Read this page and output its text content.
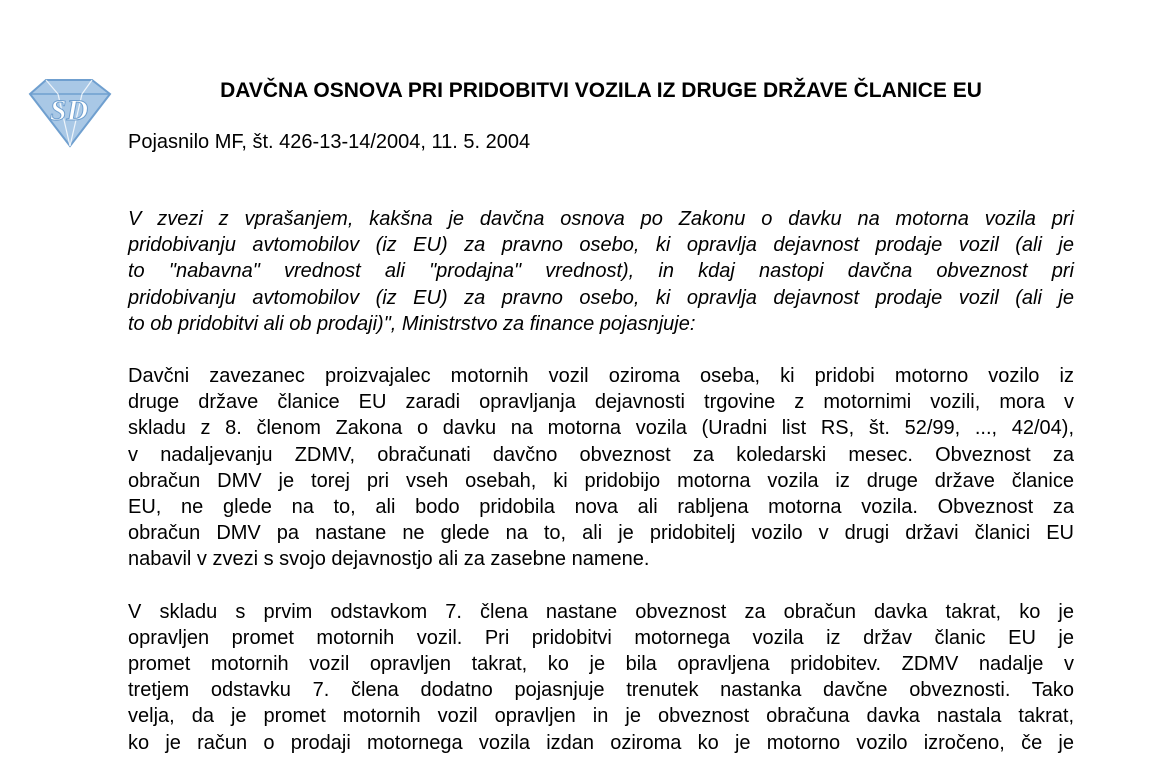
SD
DAVČNA OSNOVA PRI PRIDOBITVI VOZILA IZ DRUGE DRŽAVE ČLANICE EU

Pojasnilo MF, št. 426-13-14/2004, 11. 5. 2004

V zvezi z vprašanjem, kakšna je davčna osnova po Zakonu o davku na motorna vozila pri
pridobivanju avtomobilov (iz EU) za pravno osebo, ki opravlja dejavnost prodaje vozil (ali je
to "nabavna" vrednost ali "prodajna" vrednost), in kdaj nastopi davčna obveznost pri
pridobivanju avtomobilov (iz EU) za pravno osebo, ki opravlja dejavnost prodaje vozil (ali je
to ob pridobitvi ali ob prodaji)", Ministrstvo za finance pojasnjuje:

Davčni zavezanec proizvajalec motornih vozil oziroma oseba, ki pridobi motorno vozilo iz
druge države članice EU zaradi opravljanja dejavnosti trgovine z motornimi vozili, mora v
skladu z 8. členom Zakona o davku na motorna vozila (Uradni list RS, št. 52/99, ..., 42/04),
v nadaljevanju ZDMV, obračunati davčno obveznost za koledarski mesec. Obveznost za
obračun DMV je torej pri vseh osebah, ki pridobijo motorna vozila iz druge države članice
EU, ne glede na to, ali bodo pridobila nova ali rabljena motorna vozila. Obveznost za
obračun DMV pa nastane ne glede na to, ali je pridobitelj vozilo v drugi državi članici EU
nabavil v zvezi s svojo dejavnostjo ali za zasebne namene.

V skladu s prvim odstavkom 7. člena nastane obveznost za obračun davka takrat, ko je
opravljen promet motornih vozil. Pri pridobitvi motornega vozila iz držav članic EU je
promet motornih vozil opravljen takrat, ko je bila opravljena pridobitev. ZDMV nadalje v
tretjem odstavku 7. člena dodatno pojasnjuje trenutek nastanka davčne obveznosti. Tako
velja, da je promet motornih vozil opravljen in je obveznost obračuna davka nastala takrat,
ko je račun o prodaji motornega vozila izdan oziroma ko je motorno vozilo izročeno, če je
